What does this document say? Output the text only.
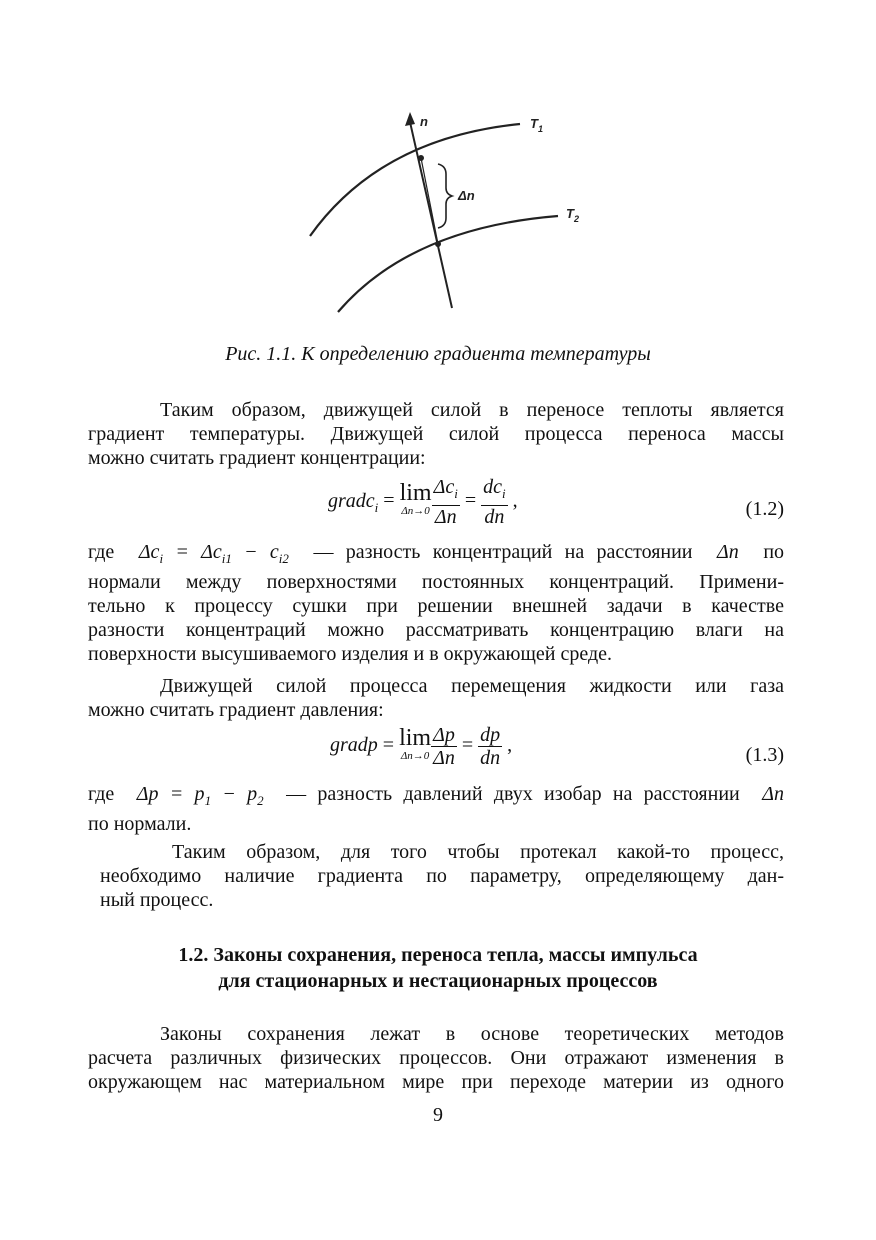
n
Δn
$T_1$
$T_2$
Рис. 1.1. К определению градиента температуры
Таким образом, движущей силой в переносе теплоты является
градиент температуры. Движущей силой процесса переноса массы
можно считать градиент концентрации:
gradc$_i$ = lim
$\Delta n\to 0 \frac{\Delta c_i}{\Delta n} = \frac{dc_i}{dn}$ ,	(1.2)
где $\Delta c_i = \Delta c_{i1} - c_{i2}$ — разность концентраций на расстоянии Δn по
нормали между поверхностями постоянных концентраций. Примени-
тельно к процессу сушки при решении внешней задачи в качестве
разности концентраций можно рассматривать концентрацию влаги на
поверхности высушиваемого изделия и в окружающей среде.
Движущей силой процесса перемещения жидкости или газа
можно считать градиент давления:
gradp = lim
$\Delta n\to 0 \frac{\Delta p}{\Delta n} = \frac{dp}{dn}$ ,	(1.3)
где $\Delta p = p_1 - p_2$ — разность давлений двух изобар на расстоянии Δn
по нормали.
Таким образом, для того чтобы протекал какой-то процесс,
необходимо наличие градиента по параметру, определяющему дан-
ный процесс.
1.2. Законы сохранения, переноса тепла, массы импульса
для стационарных и нестационарных процессов
Законы сохранения лежат в основе теоретических методов
расчета различных физических процессов. Они отражают изменения в
окружающем нас материальном мире при переходе материи из одного
9
